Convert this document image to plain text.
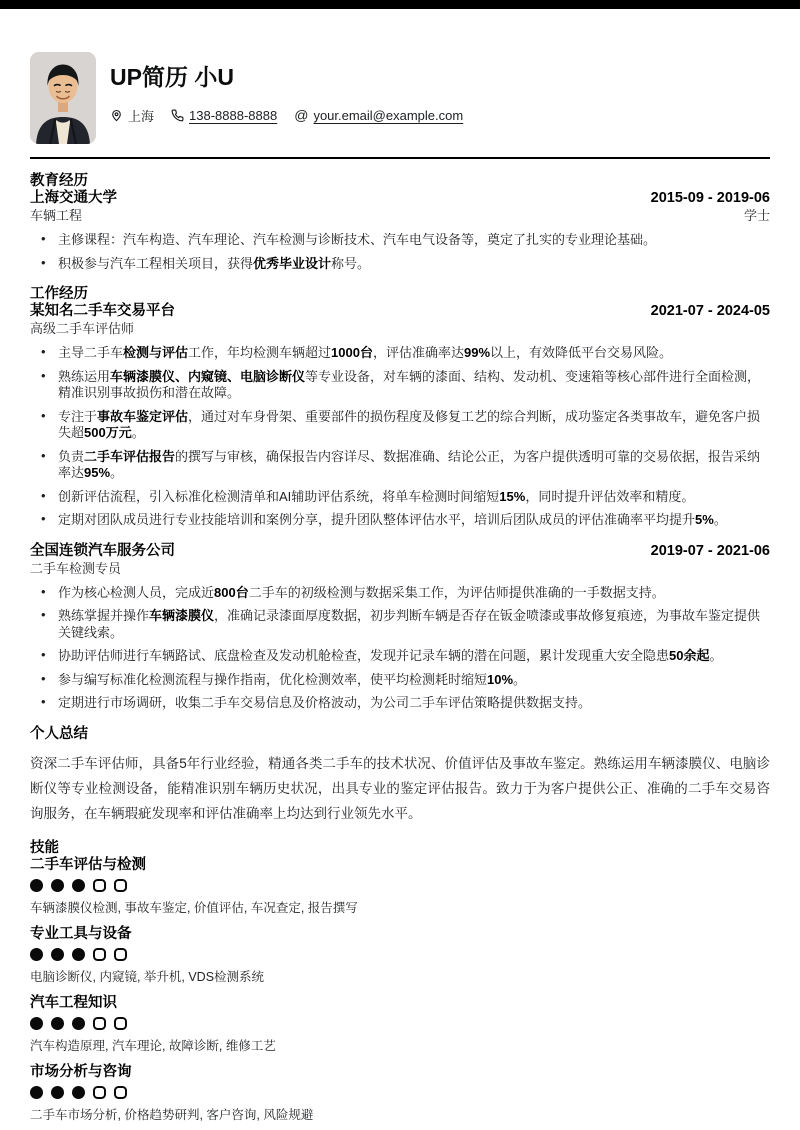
UP简历 小U
上海	138-8888-8888 @ your.email@example.com
教育经历
上海交通大学	2015-09 - 2019-06
车辆工程	学士
• 主修课程：汽车构造、汽车理论、汽车检测与诊断技术、汽车电气设备等，奠定了扎实的专业理论基础。
• 积极参与汽车工程相关项目，获得优秀毕业设计称号。
工作经历
某知名二手车交易平台	2021-07 - 2024-05
高级二手车评估师
• 主导二手车检测与评估工作，年均检测车辆超过1000台，评估准确率达99%以上，有效降低平台交易风险。
• 熟练运用车辆漆膜仪、内窥镜、电脑诊断仪等专业设备，对车辆的漆面、结构、发动机、变速箱等核心部件进行全面检测，精准识别事故损伤和潜在故障。
• 专注于事故车鉴定评估，通过对车身骨架、重要部件的损伤程度及修复工艺的综合判断，成功鉴定各类事故车，避免客户损失超500万元。
• 负责二手车评估报告的撰写与审核，确保报告内容详尽、数据准确、结论公正，为客户提供透明可靠的交易依据，报告采纳率达95%。
• 创新评估流程，引入标准化检测清单和AI辅助评估系统，将单车检测时间缩短15%，同时提升评估效率和精度。
• 定期对团队成员进行专业技能培训和案例分享，提升团队整体评估水平，培训后团队成员的评估准确率平均提升5%。
全国连锁汽车服务公司	2019-07 - 2021-06
二手车检测专员
• 作为核心检测人员，完成近800台二手车的初级检测与数据采集工作，为评估师提供准确的一手数据支持。
• 熟练掌握并操作车辆漆膜仪，准确记录漆面厚度数据，初步判断车辆是否存在钣金喷漆或事故修复痕迹，为事故车鉴定提供关键线索。
• 协助评估师进行车辆路试、底盘检查及发动机舱检查，发现并记录车辆的潜在问题，累计发现重大安全隐患50余起。
• 参与编写标准化检测流程与操作指南，优化检测效率，使平均检测耗时缩短10%。
• 定期进行市场调研，收集二手车交易信息及价格波动，为公司二手车评估策略提供数据支持。
个人总结

资深二手车评估师，具备5年行业经验，精通各类二手车的技术状况、价值评估及事故车鉴定。熟练运用车辆漆膜仪、电脑诊断仪等专业检测设备，能精准识别车辆历史状况，出具专业的鉴定评估报告。致力于为客户提供公正、准确的二手车交易咨询服务，在车辆瑕疵发现率和评估准确率上均达到行业领先水平。

技能
二手车评估与检测
车辆漆膜仪检测, 事故车鉴定, 价值评估, 车况查定, 报告撰写
专业工具与设备
电脑诊断仪, 内窥镜, 举升机, VDS检测系统
汽车工程知识
汽车构造原理, 汽车理论, 故障诊断, 维修工艺
市场分析与咨询
二手车市场分析, 价格趋势研判, 客户咨询, 风险规避
